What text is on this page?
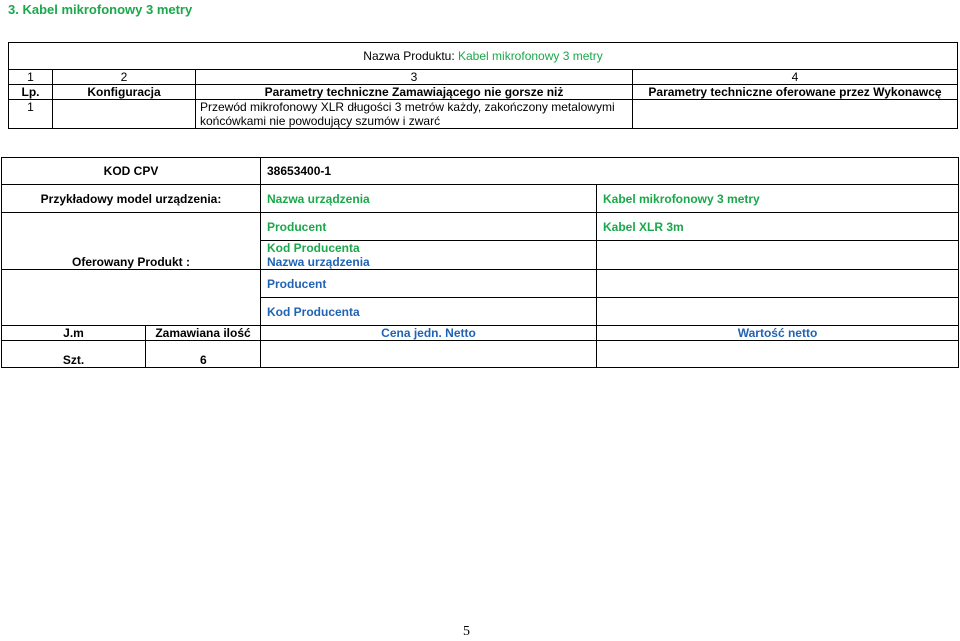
3. Kabel mikrofonowy 3 metry
Nazwa Produktu: Kabel mikrofonowy 3 metry			
1	2	3	4
Lp.	Konfiguracja	Parametry techniczne Zamawiającego nie gorsze niż	Parametry techniczne oferowane przez Wykonawcę
1		Przewód mikrofonowy XLR długości 3 metrów każdy, zakończony metalowymi końcówkami nie powodujący szumów i zwarć	
KOD CPV		38653400-1	
Przykładowy model urządzenia:		Nazwa urządzenia	Kabel mikrofonowy 3 metry
		Producent	Kabel XLR 3m
		Kod Producenta	
Oferowany Produkt :		Nazwa urządzenia	
		Producent	
		Kod Producenta	
J.m	Zamawiana ilość	Cena jedn. Netto	Wartość netto
Szt.	6		
5
